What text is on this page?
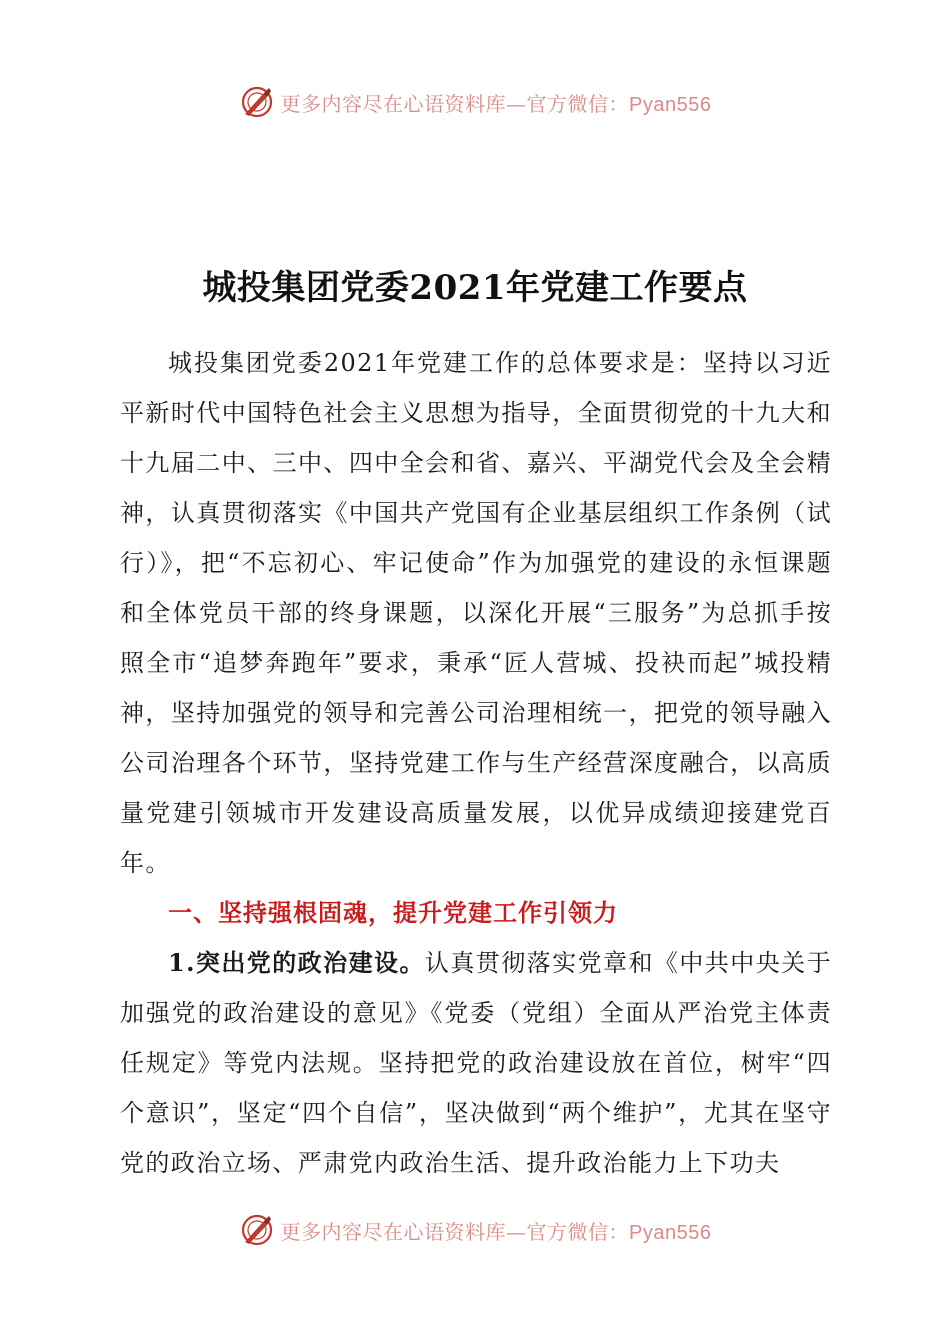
更多内容尽在心语资料库—官方微信：Pyan556
城投集团党委2021年党建工作要点

城投集团党委2021年党建工作的总体要求是：坚持以习近平新时代中国特色社会主义思想为指导，全面贯彻党的十九大和十九届二中、三中、四中全会和省、嘉兴、平湖党代会及全会精神，认真贯彻落实《中国共产党国有企业基层组织工作条例（试行）》，把“不忘初心、牢记使命”作为加强党的建设的永恒课题和全体党员干部的终身课题，以深化开展“三服务”为总抓手按照全市“追梦奔跑年”要求，秉承“匠人营城、投袂而起”城投精神，坚持加强党的领导和完善公司治理相统一，把党的领导融入公司治理各个环节，坚持党建工作与生产经营深度融合，以高质量党建引领城市开发建设高质量发展，以优异成绩迎接建党百年。

一、坚持强根固魂，提升党建工作引领力

1.突出党的政治建设。认真贯彻落实党章和《中共中央关于加强党的政治建设的意见》《党委（党组）全面从严治党主体责任规定》等党内法规。坚持把党的政治建设放在首位，树牢“四个意识”，坚定“四个自信”，坚决做到“两个维护”，尤其在坚守党的政治立场、严肃党内政治生活、提升政治能力上下功夫

更多内容尽在心语资料库—官方微信：Pyan556
